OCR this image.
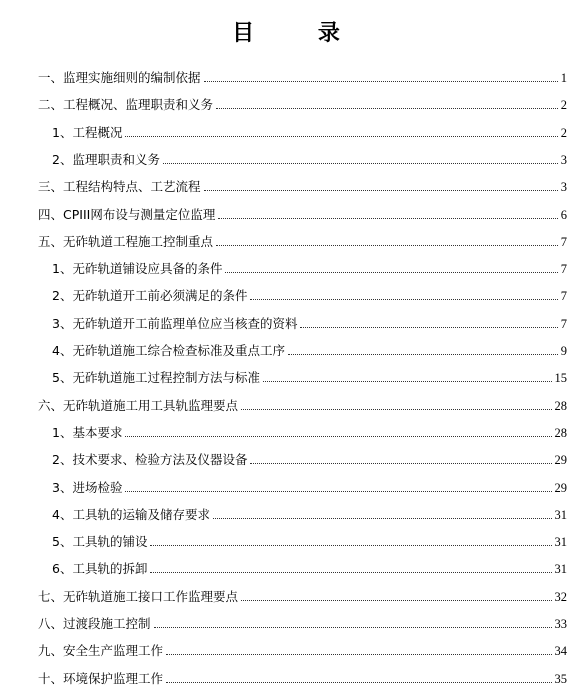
目 录
一、监理实施细则的编制依据	1
二、工程概况、监理职责和义务	2
1、工程概况	2
2、监理职责和义务	3
三、工程结构特点、工艺流程	3
四、CPIII网布设与测量定位监理	6
五、无砟轨道工程施工控制重点	7
1、无砟轨道铺设应具备的条件	7
2、无砟轨道开工前必须满足的条件	7
3、无砟轨道开工前监理单位应当核查的资料	7
4、无砟轨道施工综合检查标准及重点工序	9
5、无砟轨道施工过程控制方法与标准	15
六、无砟轨道施工用工具轨监理要点	28
1、基本要求	28
2、技术要求、检验方法及仪器设备	29
3、进场检验	29
4、工具轨的运输及储存要求	31
5、工具轨的铺设	31
6、工具轨的拆卸	31
七、无砟轨道施工接口工作监理要点	32
八、过渡段施工控制	33
九、安全生产监理工作	34
十、环境保护监理工作	35
